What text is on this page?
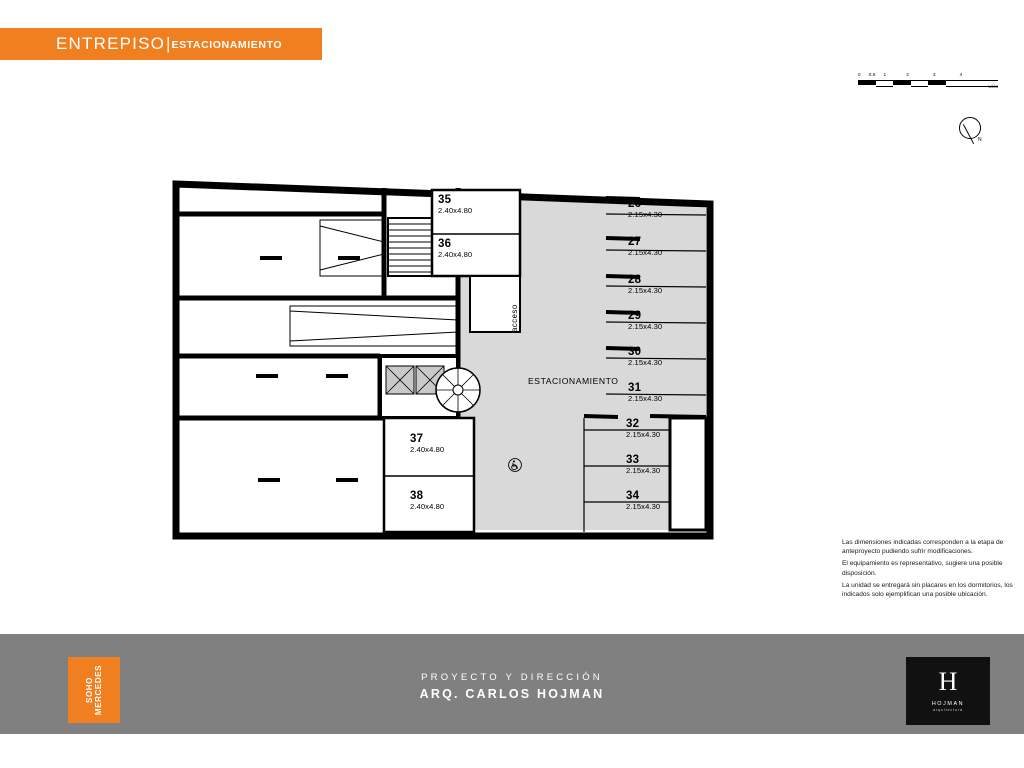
ENTREPISO | ESTACIONAMIENTO
0 0.5 1	2	3	4
1/200
N
35
2.40x4.80
36
2.40x4.80
37
2.40x4.80
38
2.40x4.80
26
2.15x4.30
27
2.15x4.30
28
2.15x4.30
29
2.15x4.30
30
2.15x4.30
31
2.15x4.30
32
2.15x4.30
33
2.15x4.30
34
2.15x4.30
ESTACIONAMIENTO
acceso

Las dimensiones indicadas corresponden a la etapa de anteproyecto pudiendo sufrir modificaciones.

El equipamiento es representativo, sugiere una posible disposición.

La unidad se entregará sin placares en los dormitorios, los indicados solo ejemplifican una posible ubicación.

SOHO MERCEDES	PROYECTO Y DIRECCIÓN
ARQ. CARLOS HOJMAN	H
HOJMAN
arquitectura
